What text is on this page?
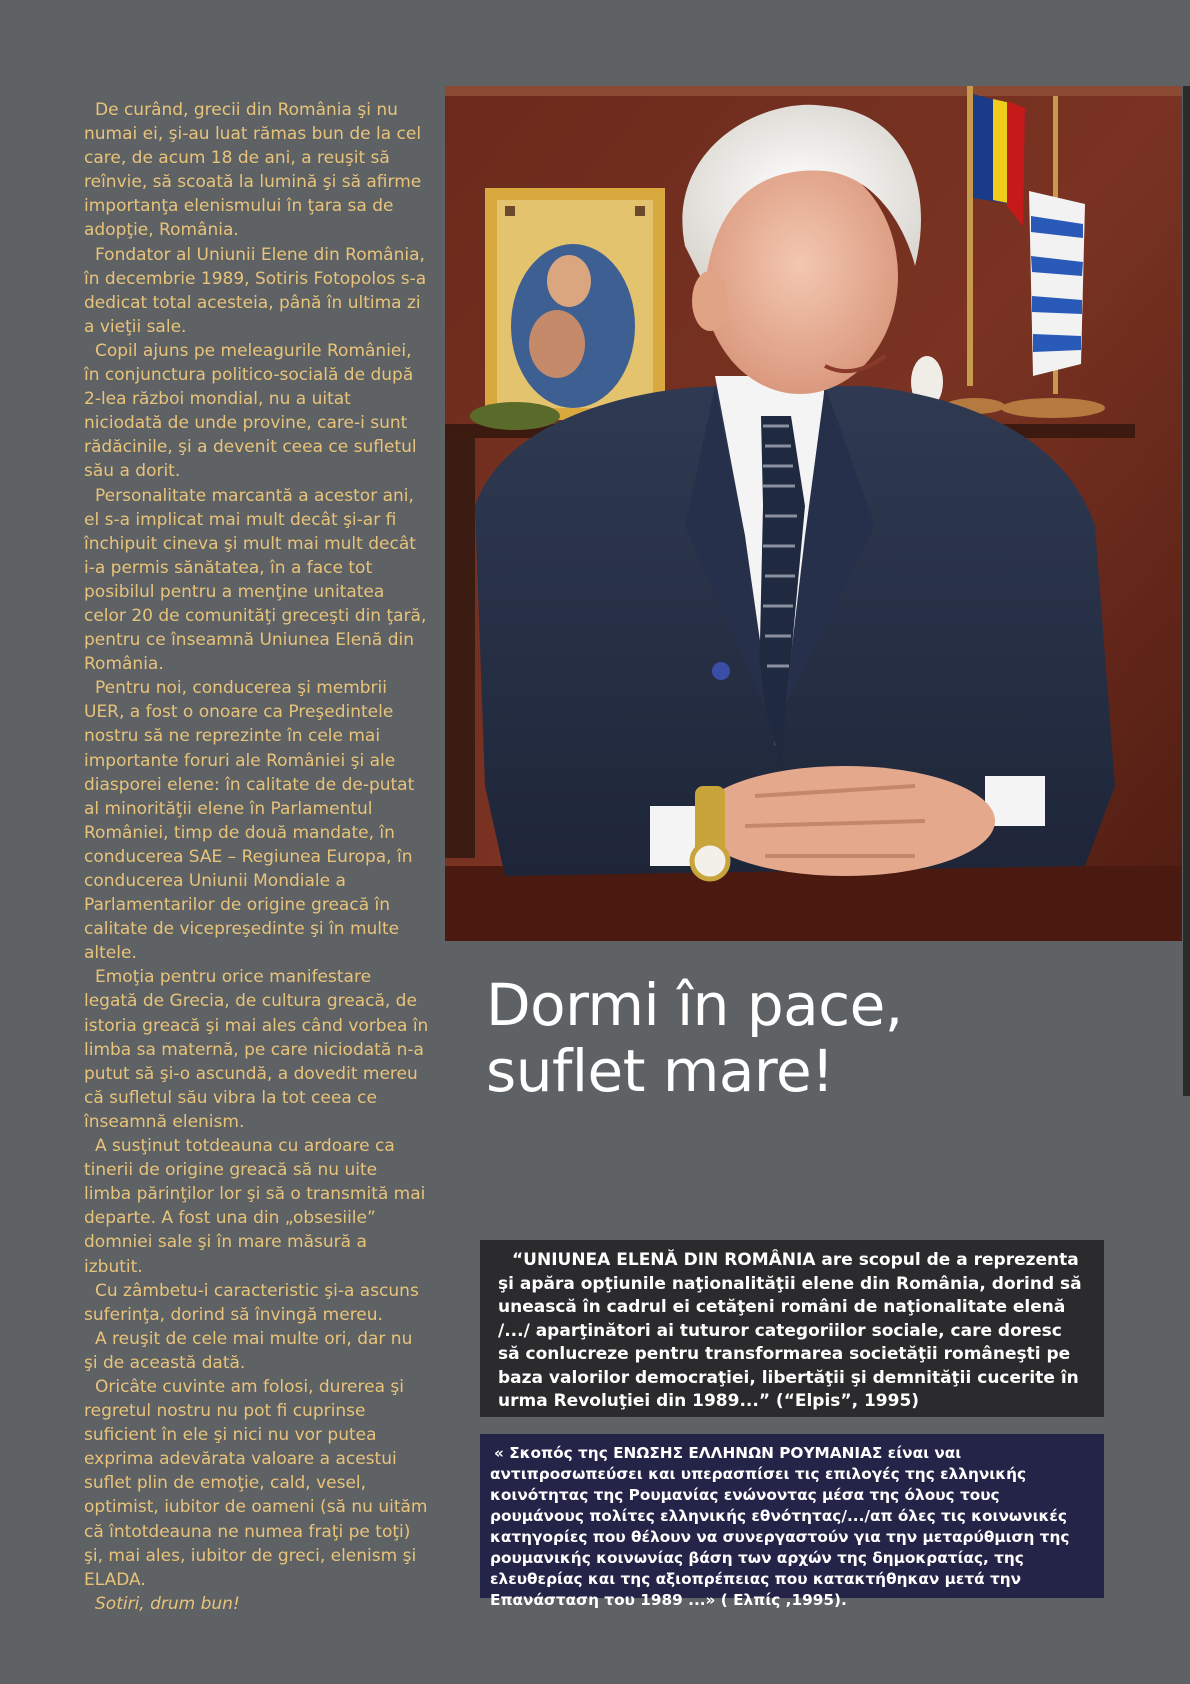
De curând, grecii din România şi nu numai ei, şi-au luat rămas bun de la cel care, de acum 18 de ani, a reuşit să reînvie, să scoată la lumină şi să afirme importanţa elenismului în ţara sa de adopţie, România.

Fondator al Uniunii Elene din România, în decembrie 1989, Sotiris Fotopolos s-a dedicat total acesteia, până în ultima zi

a vieţii sale.

Copil ajuns pe meleagurile României, în conjunctura politico-socială de după 2-lea război mondial, nu a uitat niciodată de unde provine, care-i sunt rădăcinile, şi a devenit ceea ce sufletul său a dorit.

Personalitate marcantă a acestor ani, el s-a implicat mai mult decât şi-ar fi închipuit cineva şi mult mai mult decât i-a permis sănătatea, în a face tot posibilul pentru a menţine unitatea celor 20 de comunităţi greceşti din ţară, pentru ce înseamnă Uniunea Elenă din România.

Pentru noi, conducerea şi membrii UER, a fost o onoare ca Preşedintele nostru să ne reprezinte în cele mai importante foruri ale României şi ale diasporei elene: în calitate de de-putat al minorităţii elene în Parlamentul României, timp de două mandate, în conducerea SAE – Regiunea Europa, în conducerea Uniunii Mondiale a Parlamentarilor de origine greacă în calitate de vicepreşedinte şi în multe altele.

Emoţia pentru orice manifestare legată de Grecia, de cultura greacă, de istoria greacă şi mai ales când vorbea în limba sa maternă, pe care niciodată n-a putut să şi-o ascundă, a dovedit mereu că sufletul său vibra la tot ceea ce înseamnă elenism.

A susţinut totdeauna cu ardoare ca tinerii de origine greacă să nu uite limba părinţilor lor şi să o transmită mai departe. A fost una din „obsesiile” domniei sale şi în mare măsură a izbutit.

Cu zâmbetu-i caracteristic şi-a ascuns suferinţa, dorind să învingă mereu.

A reuşit de cele mai multe ori, dar nu şi de această dată.

Oricâte cuvinte am folosi, durerea şi regretul nostru nu pot fi cuprinse suficient în ele şi nici nu vor putea exprima adevărata valoare a acestui suflet plin de emoţie, cald, vesel, optimist, iubitor de oameni (să nu uităm că întotdeauna ne numea fraţi pe toţi) şi, mai ales, iubitor de greci, elenism şi ELADA.

Sotiri, drum bun!

Dormi în pace,
suflet mare!

“UNIUNEA ELENĂ DIN ROMÂNIA are scopul de a reprezenta şi apăra opţiunile naţionalităţii elene din România, dorind să unească în cadrul ei cetăţeni români de naţionalitate elenă /.../ aparţinători ai tuturor categoriilor sociale, care doresc să conlucreze pentru transformarea societăţii româneşti pe baza valorilor democraţiei, libertăţii şi demnităţii cucerite în urma Revoluţiei din 1989...” (“Elpis”, 1995)

« Σκοπός της ΕΝΩΣΗΣ ΕΛΛΗΝΩΝ ΡΟΥΜΑΝΙΑΣ είναι ναι αντιπροσωπεύσει και υπερασπίσει τις επιλογές της ελληνικής κοινότητας της Ρουμανίας ενώνοντας μέσα της όλους τους ρουμάνους πολίτες ελληνικής εθνότητας/.../απ όλες τις κοινωνικές κατηγορίες που θέλουν να συνεργαστούν για την μεταρύθμιση της ρουμανικής κοινωνίας βάση των αρχών της δημοκρατίας, της ελευθερίας και της αξιοπρέπειας που κατακτήθηκαν μετά την Επανάσταση του 1989 ...» ( Ελπίς ,1995).
